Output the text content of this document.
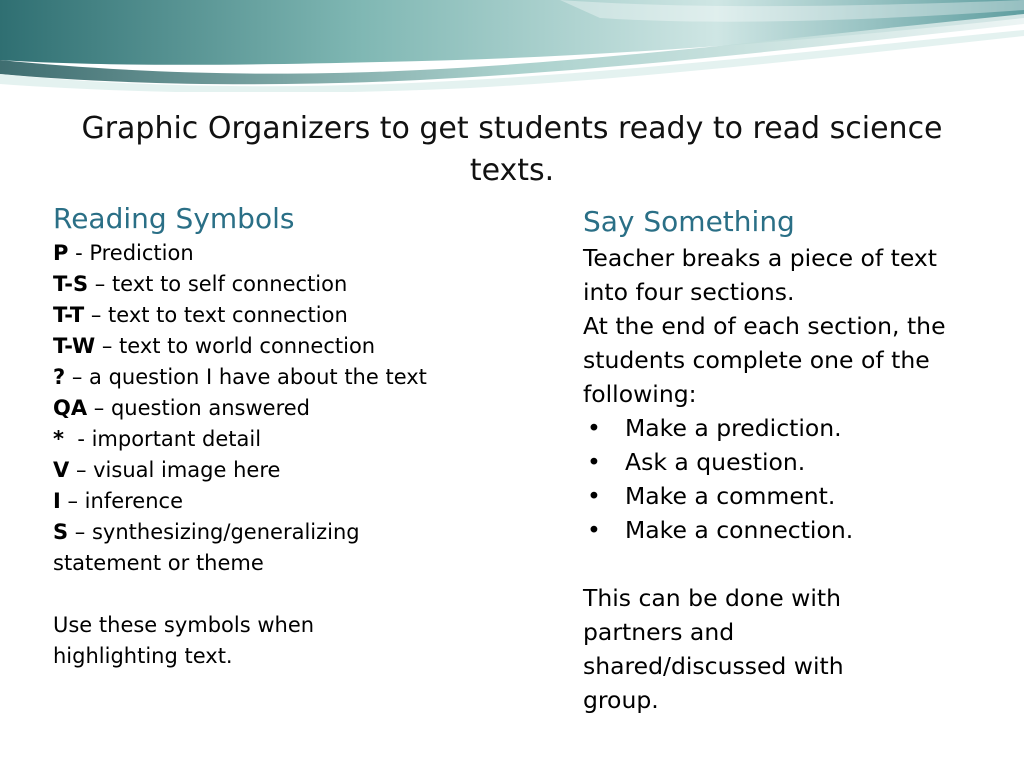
Graphic Organizers to get students ready to read science texts.
Reading Symbols
P - Prediction
T-S – text to self connection
T-T – text to text connection
T-W – text to world connection
? – a question I have about the text
QA – question answered
*  - important detail
V – visual image here
I – inference
S – synthesizing/generalizing statement or theme
Use these symbols when highlighting text.
Say Something
Teacher breaks a piece of text into four sections.
At the end of each section, the students complete one of the following:
•	Make a prediction.
•	Ask a question.
•	Make a comment.
•	Make a connection.
This can be done with partners and shared/discussed with group.
